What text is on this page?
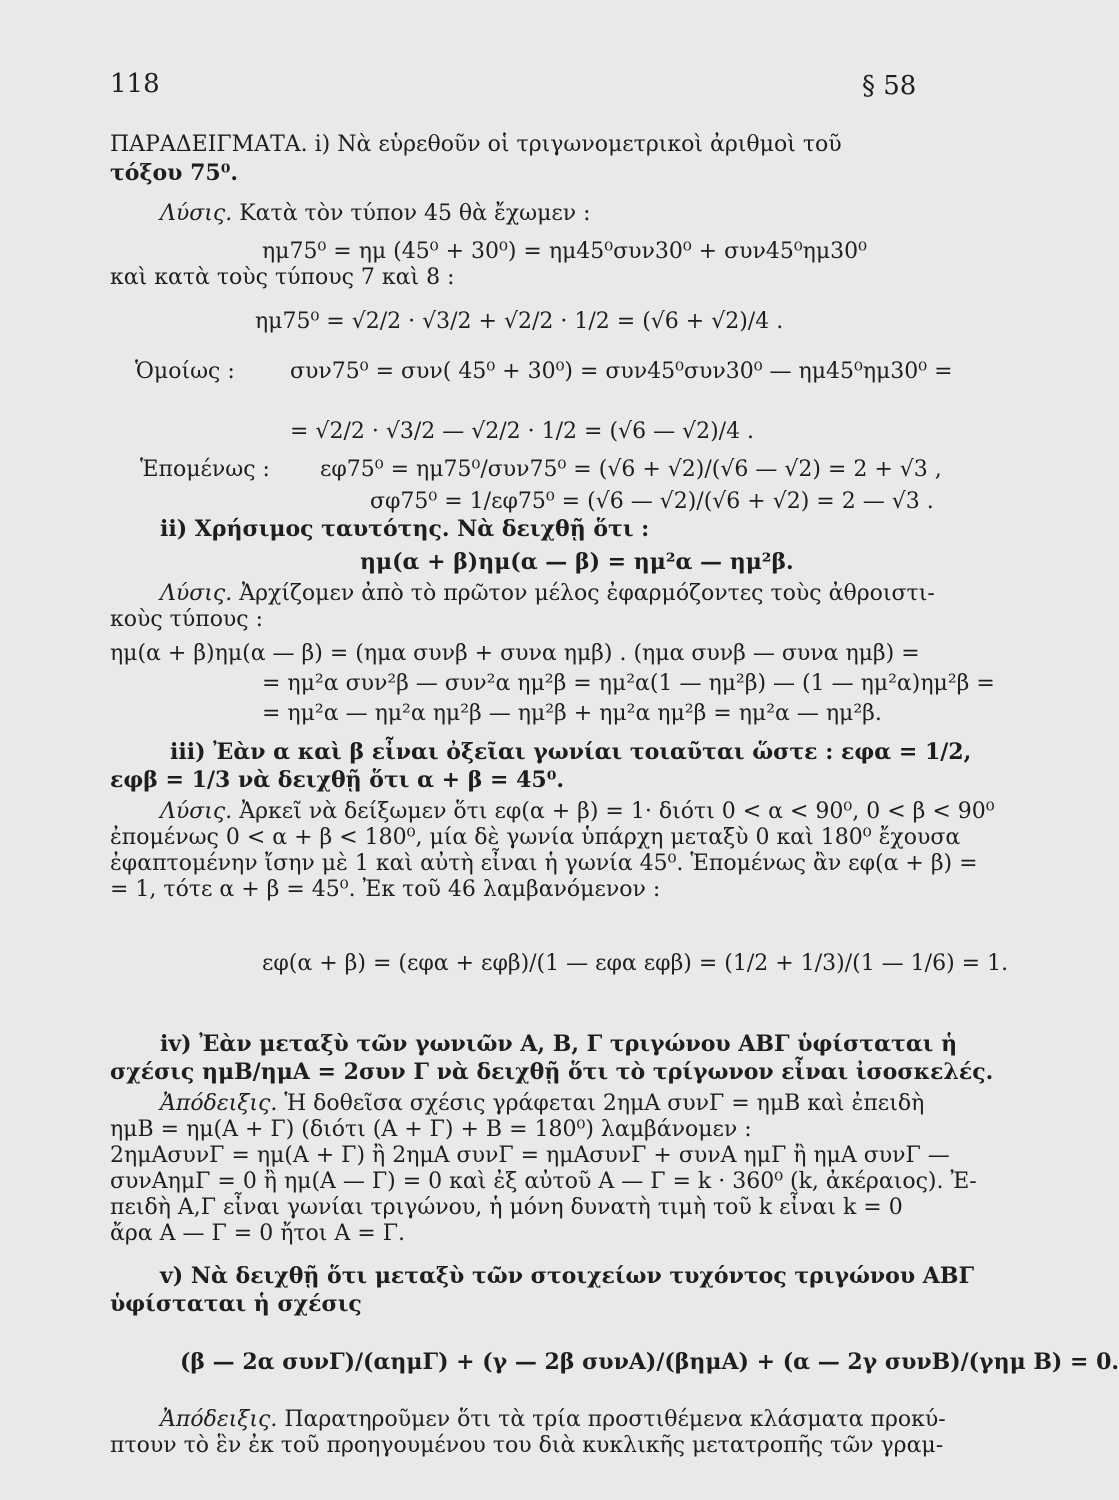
118	§ 58
ΠΑΡΑΔΕΙΓΜΑΤΑ. i) Νὰ εὑρεθοῦν οἱ τριγωνομετρικοὶ ἀριθμοὶ τοῦ
τόξου 75⁰.
Λύσις. Κατὰ τὸν τύπον 45 θὰ ἔχωμεν :
ημ75⁰ = ημ (45⁰ + 30⁰) = ημ45⁰συν30⁰ + συν45⁰ημ30⁰
καὶ κατὰ τοὺς τύπους 7 καὶ 8 :
ημ75⁰ = √2/2 · √3/2 + √2/2 · 1/2 = (√6 + √2)/4 .
Ὁμοίως :	συν75⁰ = συν( 45⁰ + 30⁰) = συν45⁰συν30⁰ — ημ45⁰ημ30⁰ =
= √2/2 · √3/2 — √2/2 · 1/2 = (√6 — √2)/4 .
Ἑπομένως : εφ75⁰ = ημ75⁰/συν75⁰ = (√6 + √2)/(√6 — √2) = 2 + √3 ,
σφ75⁰ = 1/εφ75⁰ = (√6 — √2)/(√6 + √2) = 2 — √3 .
ii) Χρήσιμος ταυτότης. Νὰ δειχθῇ ὅτι :
ημ(α + β)ημ(α — β) = ημ²α — ημ²β.
Λύσις. Ἀρχίζομεν ἀπὸ τὸ πρῶτον μέλος ἐφαρμόζοντες τοὺς ἀθροιστι-
κοὺς τύπους :
ημ(α + β)ημ(α — β) = (ημα συνβ + συνα ημβ) . (ημα συνβ — συνα ημβ) =
= ημ²α συν²β — συν²α ημ²β = ημ²α(1 — ημ²β) — (1 — ημ²α)ημ²β =
= ημ²α — ημ²α ημ²β — ημ²β + ημ²α ημ²β = ημ²α — ημ²β.
iii) Ἐὰν α καὶ β εἶναι ὀξεῖαι γωνίαι τοιαῦται ὥστε : εφα = 1/2,
εφβ = 1/3 νὰ δειχθῇ ὅτι α + β = 45⁰.
Λύσις. Ἀρκεῖ νὰ δείξωμεν ὅτι εφ(α + β) = 1· διότι 0 < α < 90⁰, 0 < β < 90⁰
ἐπομένως 0 < α + β < 180⁰, μία δὲ γωνία ὑπάρχη μεταξὺ 0 καὶ 180⁰ ἔχουσα
ἐφαπτομένην ἴσην μὲ 1 καὶ αὐτὴ εἶναι ἡ γωνία 45⁰. Ἑπομένως ἂν εφ(α + β) =
= 1, τότε α + β = 45⁰. Ἐκ τοῦ 46 λαμβανόμενον :
εφ(α + β) = (εφα + εφβ)/(1 — εφα εφβ) = (1/2 + 1/3)/(1 — 1/6) = 1.
iv) Ἐὰν μεταξὺ τῶν γωνιῶν Α, Β, Γ τριγώνου ΑΒΓ ὑφίσταται ἡ
σχέσις ημΒ/ημΑ = 2συν Γ νὰ δειχθῇ ὅτι τὸ τρίγωνον εἶναι ἰσοσκελές.
Ἀπόδειξις. Ἡ δοθεῖσα σχέσις γράφεται 2ημΑ συνΓ = ημΒ καὶ ἐπειδὴ
ημΒ = ημ(Α + Γ) (διότι (Α + Γ) + Β = 180⁰) λαμβάνομεν :
2ημΑσυνΓ = ημ(Α + Γ) ἢ 2ημΑ συνΓ = ημΑσυνΓ + συνΑ ημΓ ἢ ημΑ συνΓ —
συνΑημΓ = 0 ἢ ημ(Α — Γ) = 0 καὶ ἐξ αὐτοῦ Α — Γ = k · 360⁰ (k, ἀκέραιος). Ἐ-
πειδὴ Α,Γ εἶναι γωνίαι τριγώνου, ἡ μόνη δυνατὴ τιμὴ τοῦ k εἶναι k = 0
ἄρα Α — Γ = 0 ἤτοι Α = Γ.
v) Νὰ δειχθῇ ὅτι μεταξὺ τῶν στοιχείων τυχόντος τριγώνου ΑΒΓ
ὑφίσταται ἡ σχέσις
(β — 2α συνΓ)/(αημΓ) + (γ — 2β συνΑ)/(βημΑ) + (α — 2γ συνΒ)/(γημ Β) = 0.
Ἀπόδειξις. Παρατηροῦμεν ὅτι τὰ τρία προστιθέμενα κλάσματα προκύ-
πτουν τὸ ἓν ἐκ τοῦ προηγουμένου του διὰ κυκλικῆς μετατροπῆς τῶν γραμ-
